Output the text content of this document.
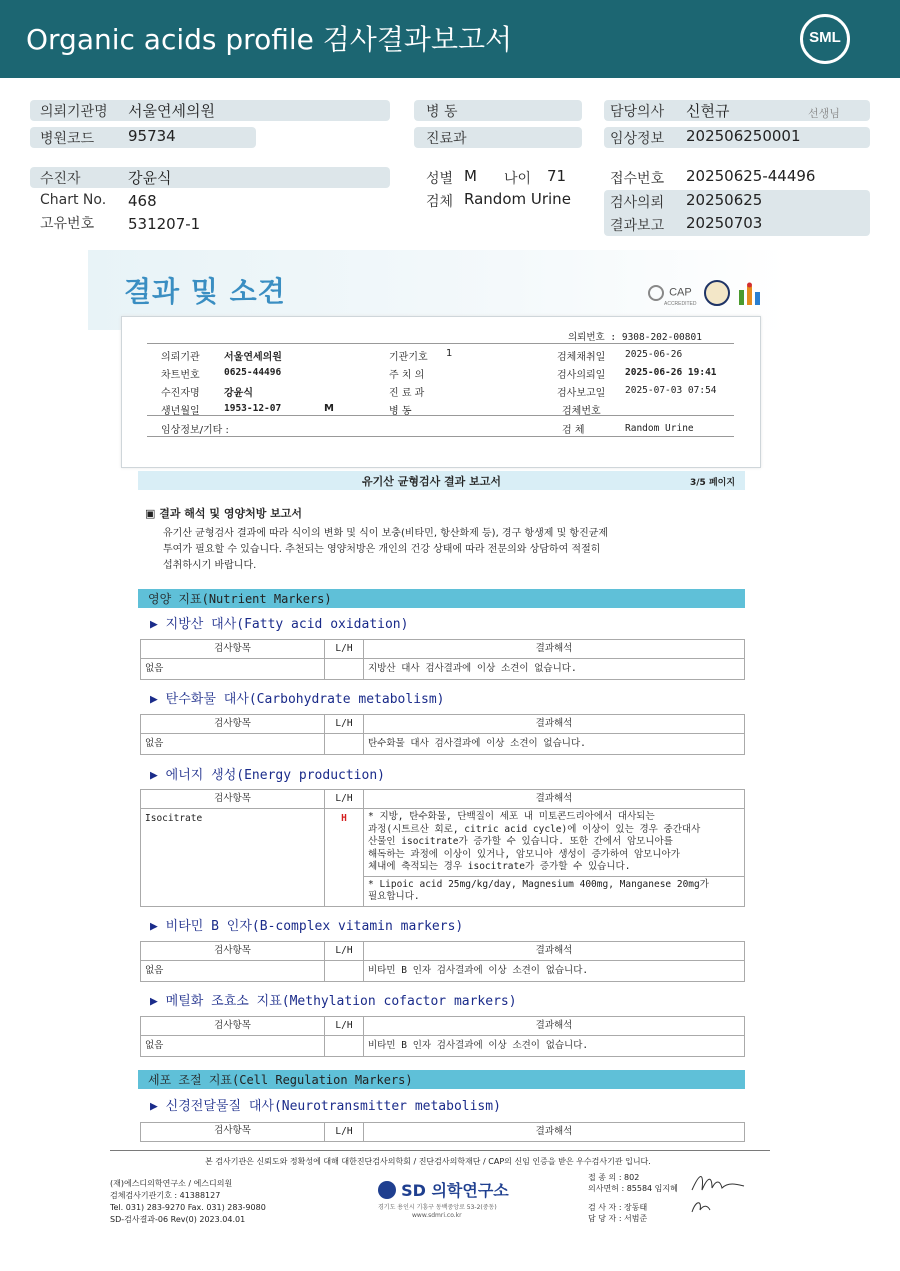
Organic acids profile 검사결과보고서	SML
의뢰기관명 서울연세의원
병원코드 95734
병 동
진료과
담당의사 신현규	선생님
임상정보 202506250001
수진자	강윤식
Chart No. 468
고유번호 531207-1
성별 M 나이 71
검체 Random Urine
접수번호 20250625-44496
검사의뢰 20250625
결과보고 20250703
결과 및 소견	CAP
ACCREDITED
의뢰번호 : 9308-202-00801
의뢰기관 서울연세의원	기관기호 1	검체채취일 2025-06-26
차트번호	0625-44496	주 치 의	검사의뢰일 2025-06-26 19:41
수진자명 강윤식	진 료 과	검사보고일 2025-07-03 07:54
생년월일	1953-12-07	M	병 동	검체번호
임상정보/기타 :	검 체	Random Urine
유기산 균형검사 결과 보고서	3/5 페이지
▣ 결과 해석 및 영양처방 보고서
유기산 균형검사 결과에 따라 식이의 변화 및 식이 보충(비타민, 항산화제 등), 경구 항생제 및 항진균제
투여가 필요할 수 있습니다. 추천되는 영양처방은 개인의 건강 상태에 따라 전문의와 상담하여 적절히
섭취하시기 바랍니다.
영양 지표(Nutrient Markers)
▶ 지방산 대사(Fatty acid oxidation)
검사항목	L/H	결과해석
없음		지방산 대사 검사결과에 이상 소견이 없습니다.
▶ 탄수화물 대사(Carbohydrate metabolism)
검사항목	L/H	결과해석
없음		탄수화물 대사 검사결과에 이상 소견이 없습니다.
▶ 에너지 생성(Energy production)
검사항목	L/H	결과해석
Isocitrate	H	* 지방, 탄수화물, 단백질이 세포 내 미토콘드리아에서 대사되는
과정(시트르산 회로, citric acid cycle)에 이상이 있는 경우 중간대사
산물인 isocitrate가 증가할 수 있습니다. 또한 간에서 암모니아를
해독하는 과정에 이상이 있거나, 암모니아 생성이 증가하여 암모니아가
체내에 축적되는 경우 isocitrate가 증가할 수 있습니다.

		* Lipoic acid 25mg/kg/day, Magnesium 400mg, Manganese 20mg가
필요합니다.
▶ 비타민 B 인자(B-complex vitamin markers)
검사항목	L/H	결과해석
없음		비타민 B 인자 검사결과에 이상 소견이 없습니다.
▶ 메틸화 조효소 지표(Methylation cofactor markers)
검사항목	L/H	결과해석
없음		비타민 B 인자 검사결과에 이상 소견이 없습니다.
세포 조절 지표(Cell Regulation Markers)
▶ 신경전달물질 대사(Neurotransmitter metabolism)
검사항목	L/H	결과해석
본 검사기관은 신뢰도와 정확성에 대해 대한진단검사의학회 / 진단검사의학재단 / CAP의 신임 인증을 받은 우수검사기관 입니다.
(재)에스디의학연구소 / 에스디의원
검체검사기관기호 : 41388127
Tel. 031) 283-9270 Fax. 031) 283-9080
SD-검사결과-06 Rev(0) 2023.04.01
SD 의학연구소
경기도 용인시 기흥구 동백중앙로 53-2(중동)
www.sdmri.co.kr
접 종 의 : 802
의사면허 : 85584 임지혜
검 사 자 : 장동태
담 당 자 : 서범준
